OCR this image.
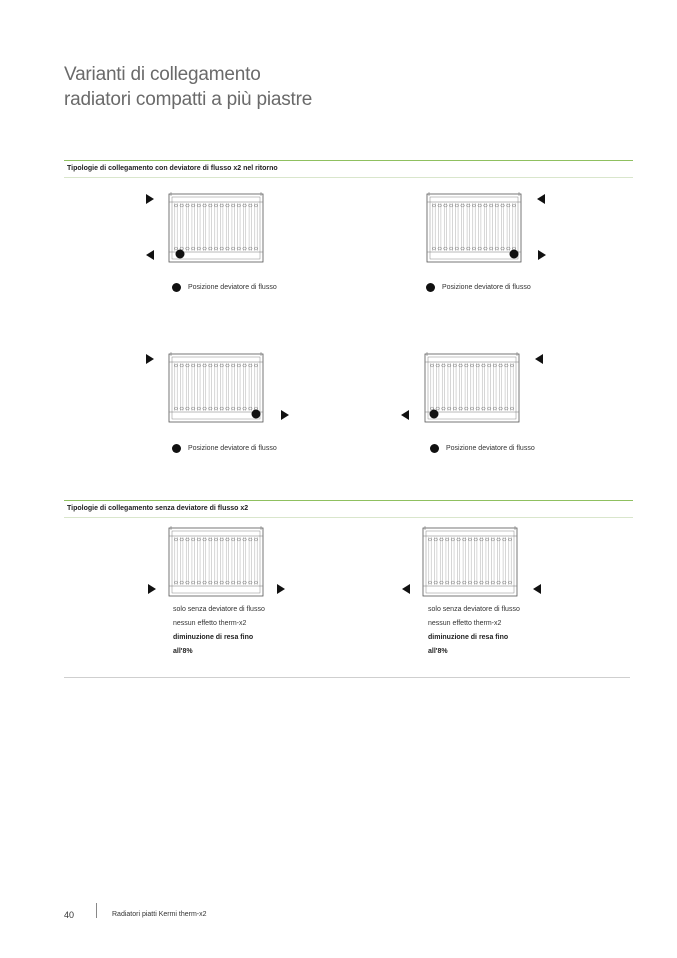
Varianti di collegamento
radiatori compatti a più piastre
Tipologie di collegamento con deviatore di flusso x2 nel ritorno
Posizione deviatore di flusso	Posizione deviatore di flusso
Posizione deviatore di flusso	Posizione deviatore di flusso
Tipologie di collegamento senza deviatore di flusso x2
solo senza deviatore di flusso
nessun effetto therm-x2
diminuzione di resa fino
all'8%
solo senza deviatore di flusso
nessun effetto therm-x2
diminuzione di resa fino
all'8%
40	Radiatori piatti Kermi therm-x2
